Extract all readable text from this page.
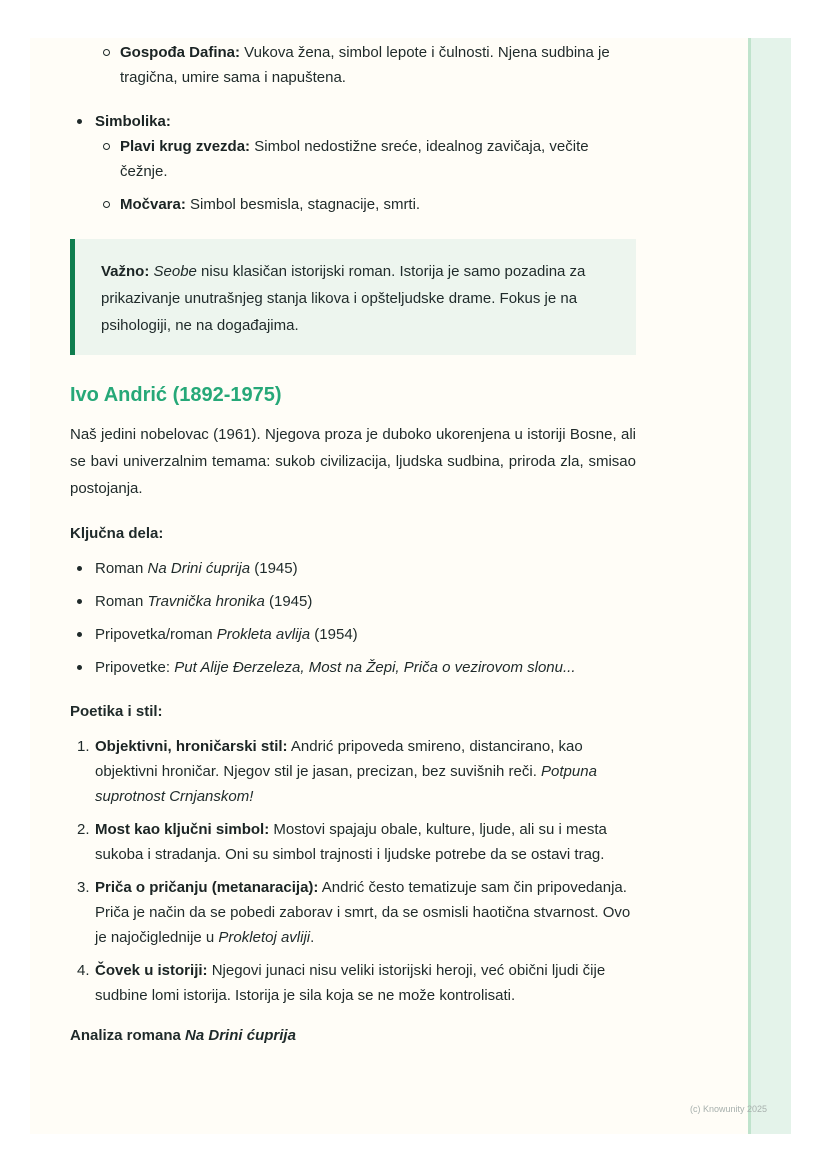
Gospođa Dafina: Vukova žena, simbol lepote i čulnosti. Njena sudbina je tragična, umire sama i napuštena.
Simbolika:
Plavi krug zvezda: Simbol nedostižne sreće, idealnog zavičaja, večite čežnje.
Močvara: Simbol besmisla, stagnacije, smrti.
Važno: Seobe nisu klasičan istorijski roman. Istorija je samo pozadina za prikazivanje unutrašnjeg stanja likova i opšteljudske drame. Fokus je na psihologiji, ne na događajima.
Ivo Andrić (1892-1975)

Naš jedini nobelovac (1961). Njegova proza je duboko ukorenjena u istoriji Bosne, ali se bavi univerzalnim temama: sukob civilizacija, ljudska sudbina, priroda zla, smisao postojanja.

Ključna dela:

Roman Na Drini ćuprija (1945)
Roman Travnička hronika (1945)
Pripovetka/roman Prokleta avlija (1954)
Pripovetke: Put Alije Đerzeleza, Most na Žepi, Priča o vezirovom slonu...

Poetika i stil:

1. Objektivni, hroničarski stil: Andrić pripoveda smireno, distancirano, kao objektivni hroničar. Njegov stil je jasan, precizan, bez suvišnih reči. Potpuna suprotnost Crnjanskom!
2. Most kao ključni simbol: Mostovi spajaju obale, kulture, ljude, ali su i mesta sukoba i stradanja. Oni su simbol trajnosti i ljudske potrebe da se ostavi trag.
3. Priča o pričanju (metanaracija): Andrić često tematizuje sam čin pripovedanja. Priča je način da se pobedi zaborav i smrt, da se osmisli haotična stvarnost. Ovo je najočiglednije u Prokletoj avliji.
4. Čovek u istoriji: Njegovi junaci nisu veliki istorijski heroji, već obični ljudi čije sudbine lomi istorija. Istorija je sila koja se ne može kontrolisati.

Analiza romana Na Drini ćuprija

(c) Knowunity 2025
